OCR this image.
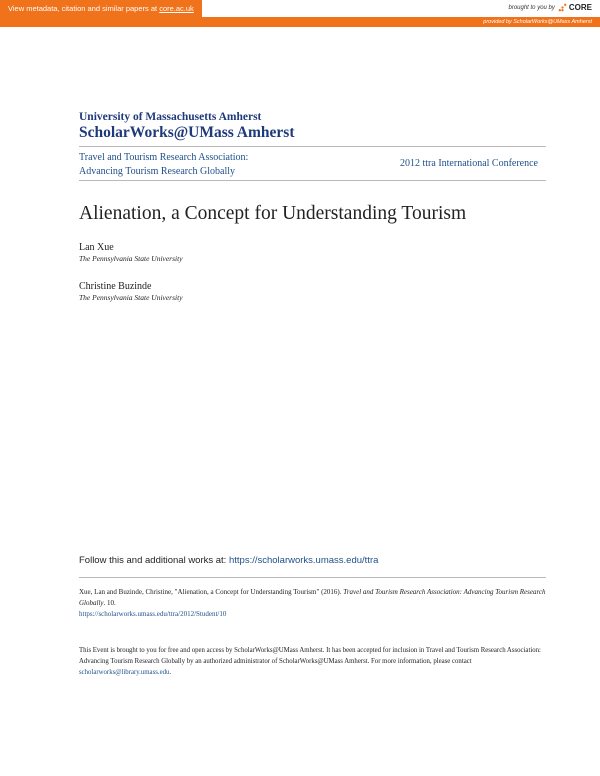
View metadata, citation and similar papers at core.ac.uk	brought to you by CORE
provided by ScholarWorks@UMass Amherst
University of Massachusetts Amherst
ScholarWorks@UMass Amherst
Travel and Tourism Research Association:
Advancing Tourism Research Globally
2012 ttra International Conference
Alienation, a Concept for Understanding Tourism
Lan Xue
The Pennsylvania State University
Christine Buzinde
The Pennsylvania State University
Follow this and additional works at: https://scholarworks.umass.edu/ttra
Xue, Lan and Buzinde, Christine, "Alienation, a Concept for Understanding Tourism" (2016). Travel and Tourism Research Association: Advancing Tourism Research Globally. 10.
https://scholarworks.umass.edu/ttra/2012/Student/10
This Event is brought to you for free and open access by ScholarWorks@UMass Amherst. It has been accepted for inclusion in Travel and Tourism Research Association: Advancing Tourism Research Globally by an authorized administrator of ScholarWorks@UMass Amherst. For more information, please contact scholarworks@library.umass.edu.
